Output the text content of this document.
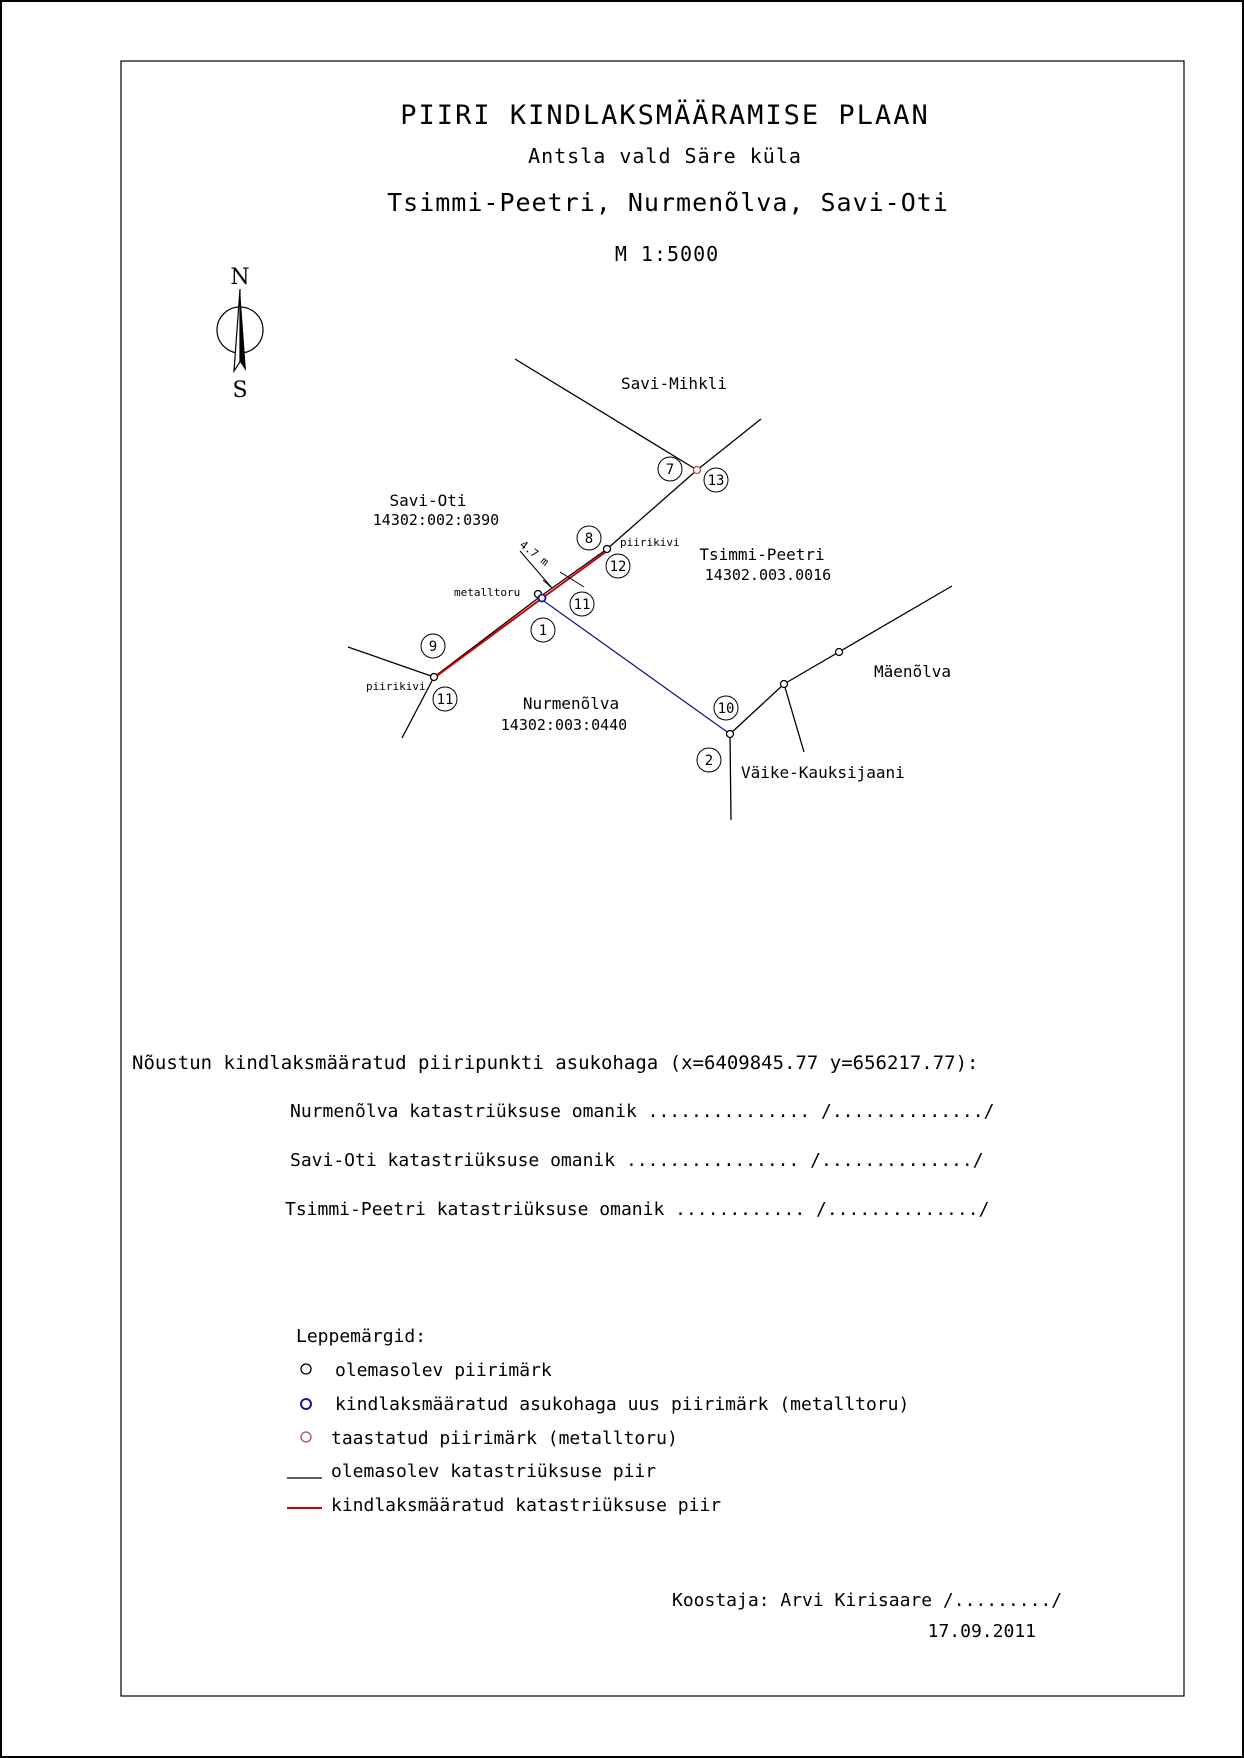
PIIRI KINDLAKSMÄÄRAMISE PLAAN
Antsla vald Säre küla
Tsimmi-Peetri, Nurmenõlva, Savi-Oti
M 1:5000
N
S
7
13
8
12
11
1
9
11
10
2
Savi-Mihkli
Savi-Oti
14302:002:0390
Tsimmi-Peetri
14302.003.0016
Nurmenõlva
14302:003:0440
Mäenõlva
Väike-Kauksijaani
metalltoru
piirikivi
piirikivi
4.7 m
Nõustun kindlaksmääratud piiripunkti asukohaga (x=6409845.77 y=656217.77):
Nurmenõlva katastriüksuse omanik ............... /............../
Savi-Oti katastriüksuse omanik ................ /............../
Tsimmi-Peetri katastriüksuse omanik ............ /............../
Leppemärgid:
olemasolev piirimärk
kindlaksmääratud asukohaga uus piirimärk (metalltoru)
taastatud piirimärk (metalltoru)
olemasolev katastriüksuse piir
kindlaksmääratud katastriüksuse piir
Koostaja: Arvi Kirisaare /........./
17.09.2011
